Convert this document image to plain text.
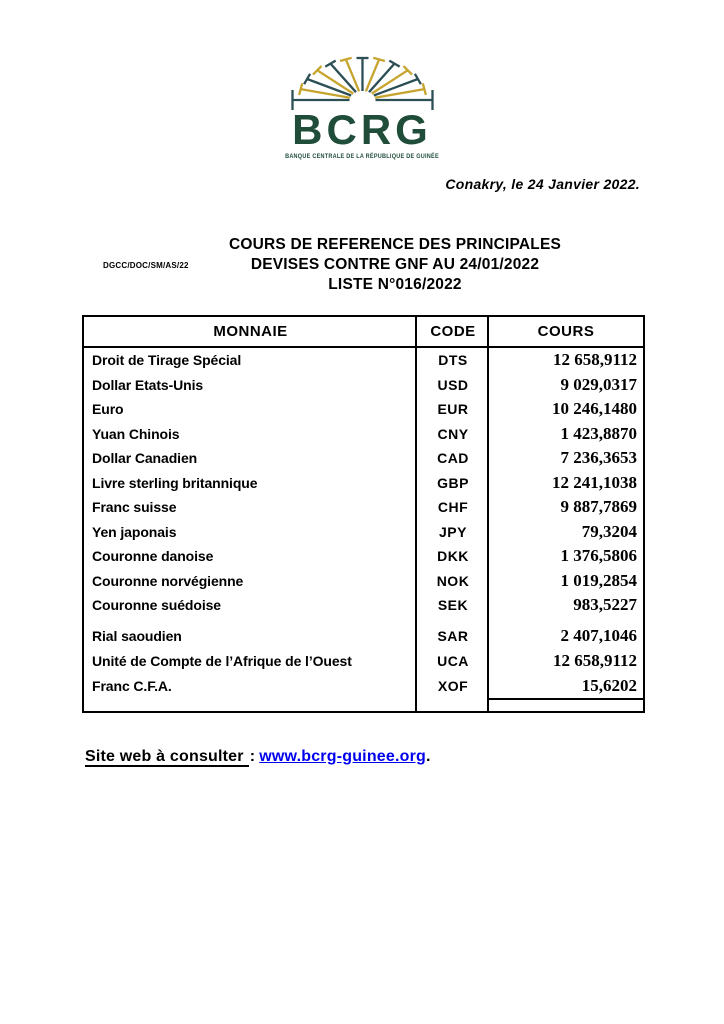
BCRG
BANQUE CENTRALE DE LA RÉPUBLIQUE DE GUINÉE
Conakry, le 24 Janvier 2022.
DGCC/DOC/SM/AS/22
COURS DE REFERENCE DES PRINCIPALES
DEVISES CONTRE GNF AU 24/01/2022
LISTE N°016/2022
MONNAIE	CODE	COURS
Droit de Tirage Spécial	DTS	12 658,9112
Dollar Etats-Unis	USD	9 029,0317
Euro	EUR	10 246,1480
Yuan Chinois	CNY	1 423,8870
Dollar Canadien	CAD	7 236,3653
Livre sterling britannique	GBP	12 241,1038
Franc suisse	CHF	9 887,7869
Yen japonais	JPY	79,3204
Couronne danoise	DKK	1 376,5806
Couronne norvégienne	NOK	1 019,2854
Couronne suédoise	SEK	983,5227
Rial saoudien	SAR	2 407,1046
Unité de Compte de l’Afrique de l’Ouest	UCA	12 658,9112
Franc C.F.A.	XOF	15,6202
Site web à consulter : www.bcrg-guinee.org.
